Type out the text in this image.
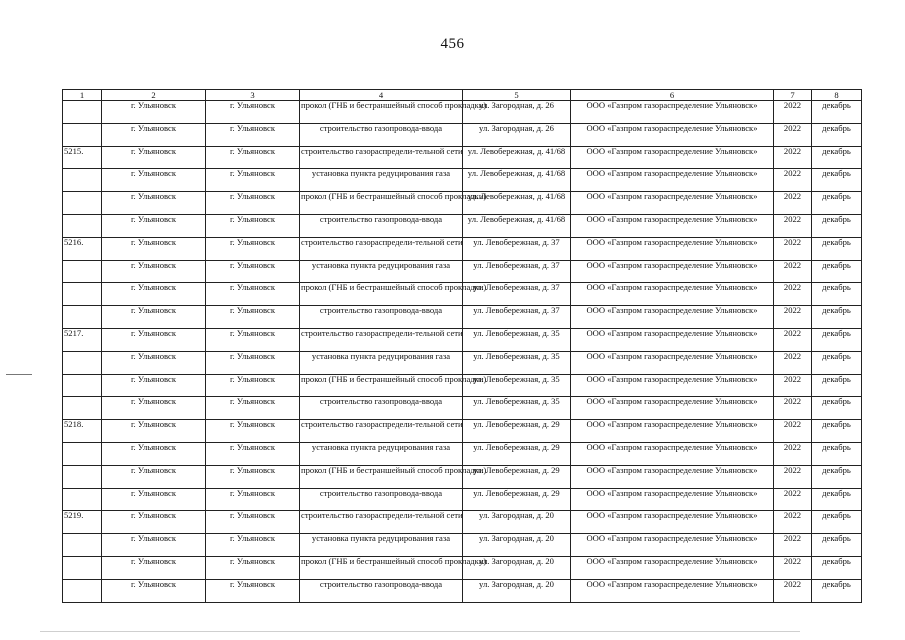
456
1	2	3	4	5	6	7	8
	г. Ульяновск	г. Ульяновск	прокол (ГНБ и бестраншейный способ прокладки)	ул. Загородная, д. 26	ООО «Газпром газораспределение Ульяновск»	2022	декабрь
	г. Ульяновск	г. Ульяновск	строительство газопровода-ввода	ул. Загородная, д. 26	ООО «Газпром газораспределение Ульяновск»	2022	декабрь
5215.	г. Ульяновск	г. Ульяновск	строительство газораспредели-тельной сети	ул. Левобережная, д. 41/68	ООО «Газпром газораспределение Ульяновск»	2022	декабрь
	г. Ульяновск	г. Ульяновск	установка пункта редуцирования газа	ул. Левобережная, д. 41/68	ООО «Газпром газораспределение Ульяновск»	2022	декабрь
	г. Ульяновск	г. Ульяновск	прокол (ГНБ и бестраншейный способ прокладки)	ул. Левобережная, д. 41/68	ООО «Газпром газораспределение Ульяновск»	2022	декабрь
	г. Ульяновск	г. Ульяновск	строительство газопровода-ввода	ул. Левобережная, д. 41/68	ООО «Газпром газораспределение Ульяновск»	2022	декабрь
5216.	г. Ульяновск	г. Ульяновск	строительство газораспредели-тельной сети	ул. Левобережная, д. 37	ООО «Газпром газораспределение Ульяновск»	2022	декабрь
	г. Ульяновск	г. Ульяновск	установка пункта редуцирования газа	ул. Левобережная, д. 37	ООО «Газпром газораспределение Ульяновск»	2022	декабрь
	г. Ульяновск	г. Ульяновск	прокол (ГНБ и бестраншейный способ прокладки)	ул. Левобережная, д. 37	ООО «Газпром газораспределение Ульяновск»	2022	декабрь
	г. Ульяновск	г. Ульяновск	строительство газопровода-ввода	ул. Левобережная, д. 37	ООО «Газпром газораспределение Ульяновск»	2022	декабрь
5217.	г. Ульяновск	г. Ульяновск	строительство газораспредели-тельной сети	ул. Левобережная, д. 35	ООО «Газпром газораспределение Ульяновск»	2022	декабрь
	г. Ульяновск	г. Ульяновск	установка пункта редуцирования газа	ул. Левобережная, д. 35	ООО «Газпром газораспределение Ульяновск»	2022	декабрь
	г. Ульяновск	г. Ульяновск	прокол (ГНБ и бестраншейный способ прокладки)	ул. Левобережная, д. 35	ООО «Газпром газораспределение Ульяновск»	2022	декабрь
	г. Ульяновск	г. Ульяновск	строительство газопровода-ввода	ул. Левобережная, д. 35	ООО «Газпром газораспределение Ульяновск»	2022	декабрь
5218.	г. Ульяновск	г. Ульяновск	строительство газораспредели-тельной сети	ул. Левобережная, д. 29	ООО «Газпром газораспределение Ульяновск»	2022	декабрь
	г. Ульяновск	г. Ульяновск	установка пункта редуцирования газа	ул. Левобережная, д. 29	ООО «Газпром газораспределение Ульяновск»	2022	декабрь
	г. Ульяновск	г. Ульяновск	прокол (ГНБ и бестраншейный способ прокладки)	ул. Левобережная, д. 29	ООО «Газпром газораспределение Ульяновск»	2022	декабрь
	г. Ульяновск	г. Ульяновск	строительство газопровода-ввода	ул. Левобережная, д. 29	ООО «Газпром газораспределение Ульяновск»	2022	декабрь
5219.	г. Ульяновск	г. Ульяновск	строительство газораспредели-тельной сети	ул. Загородная, д. 20	ООО «Газпром газораспределение Ульяновск»	2022	декабрь
	г. Ульяновск	г. Ульяновск	установка пункта редуцирования газа	ул. Загородная, д. 20	ООО «Газпром газораспределение Ульяновск»	2022	декабрь
	г. Ульяновск	г. Ульяновск	прокол (ГНБ и бестраншейный способ прокладки)	ул. Загородная, д. 20	ООО «Газпром газораспределение Ульяновск»	2022	декабрь
	г. Ульяновск	г. Ульяновск	строительство газопровода-ввода	ул. Загородная, д. 20	ООО «Газпром газораспределение Ульяновск»	2022	декабрь
